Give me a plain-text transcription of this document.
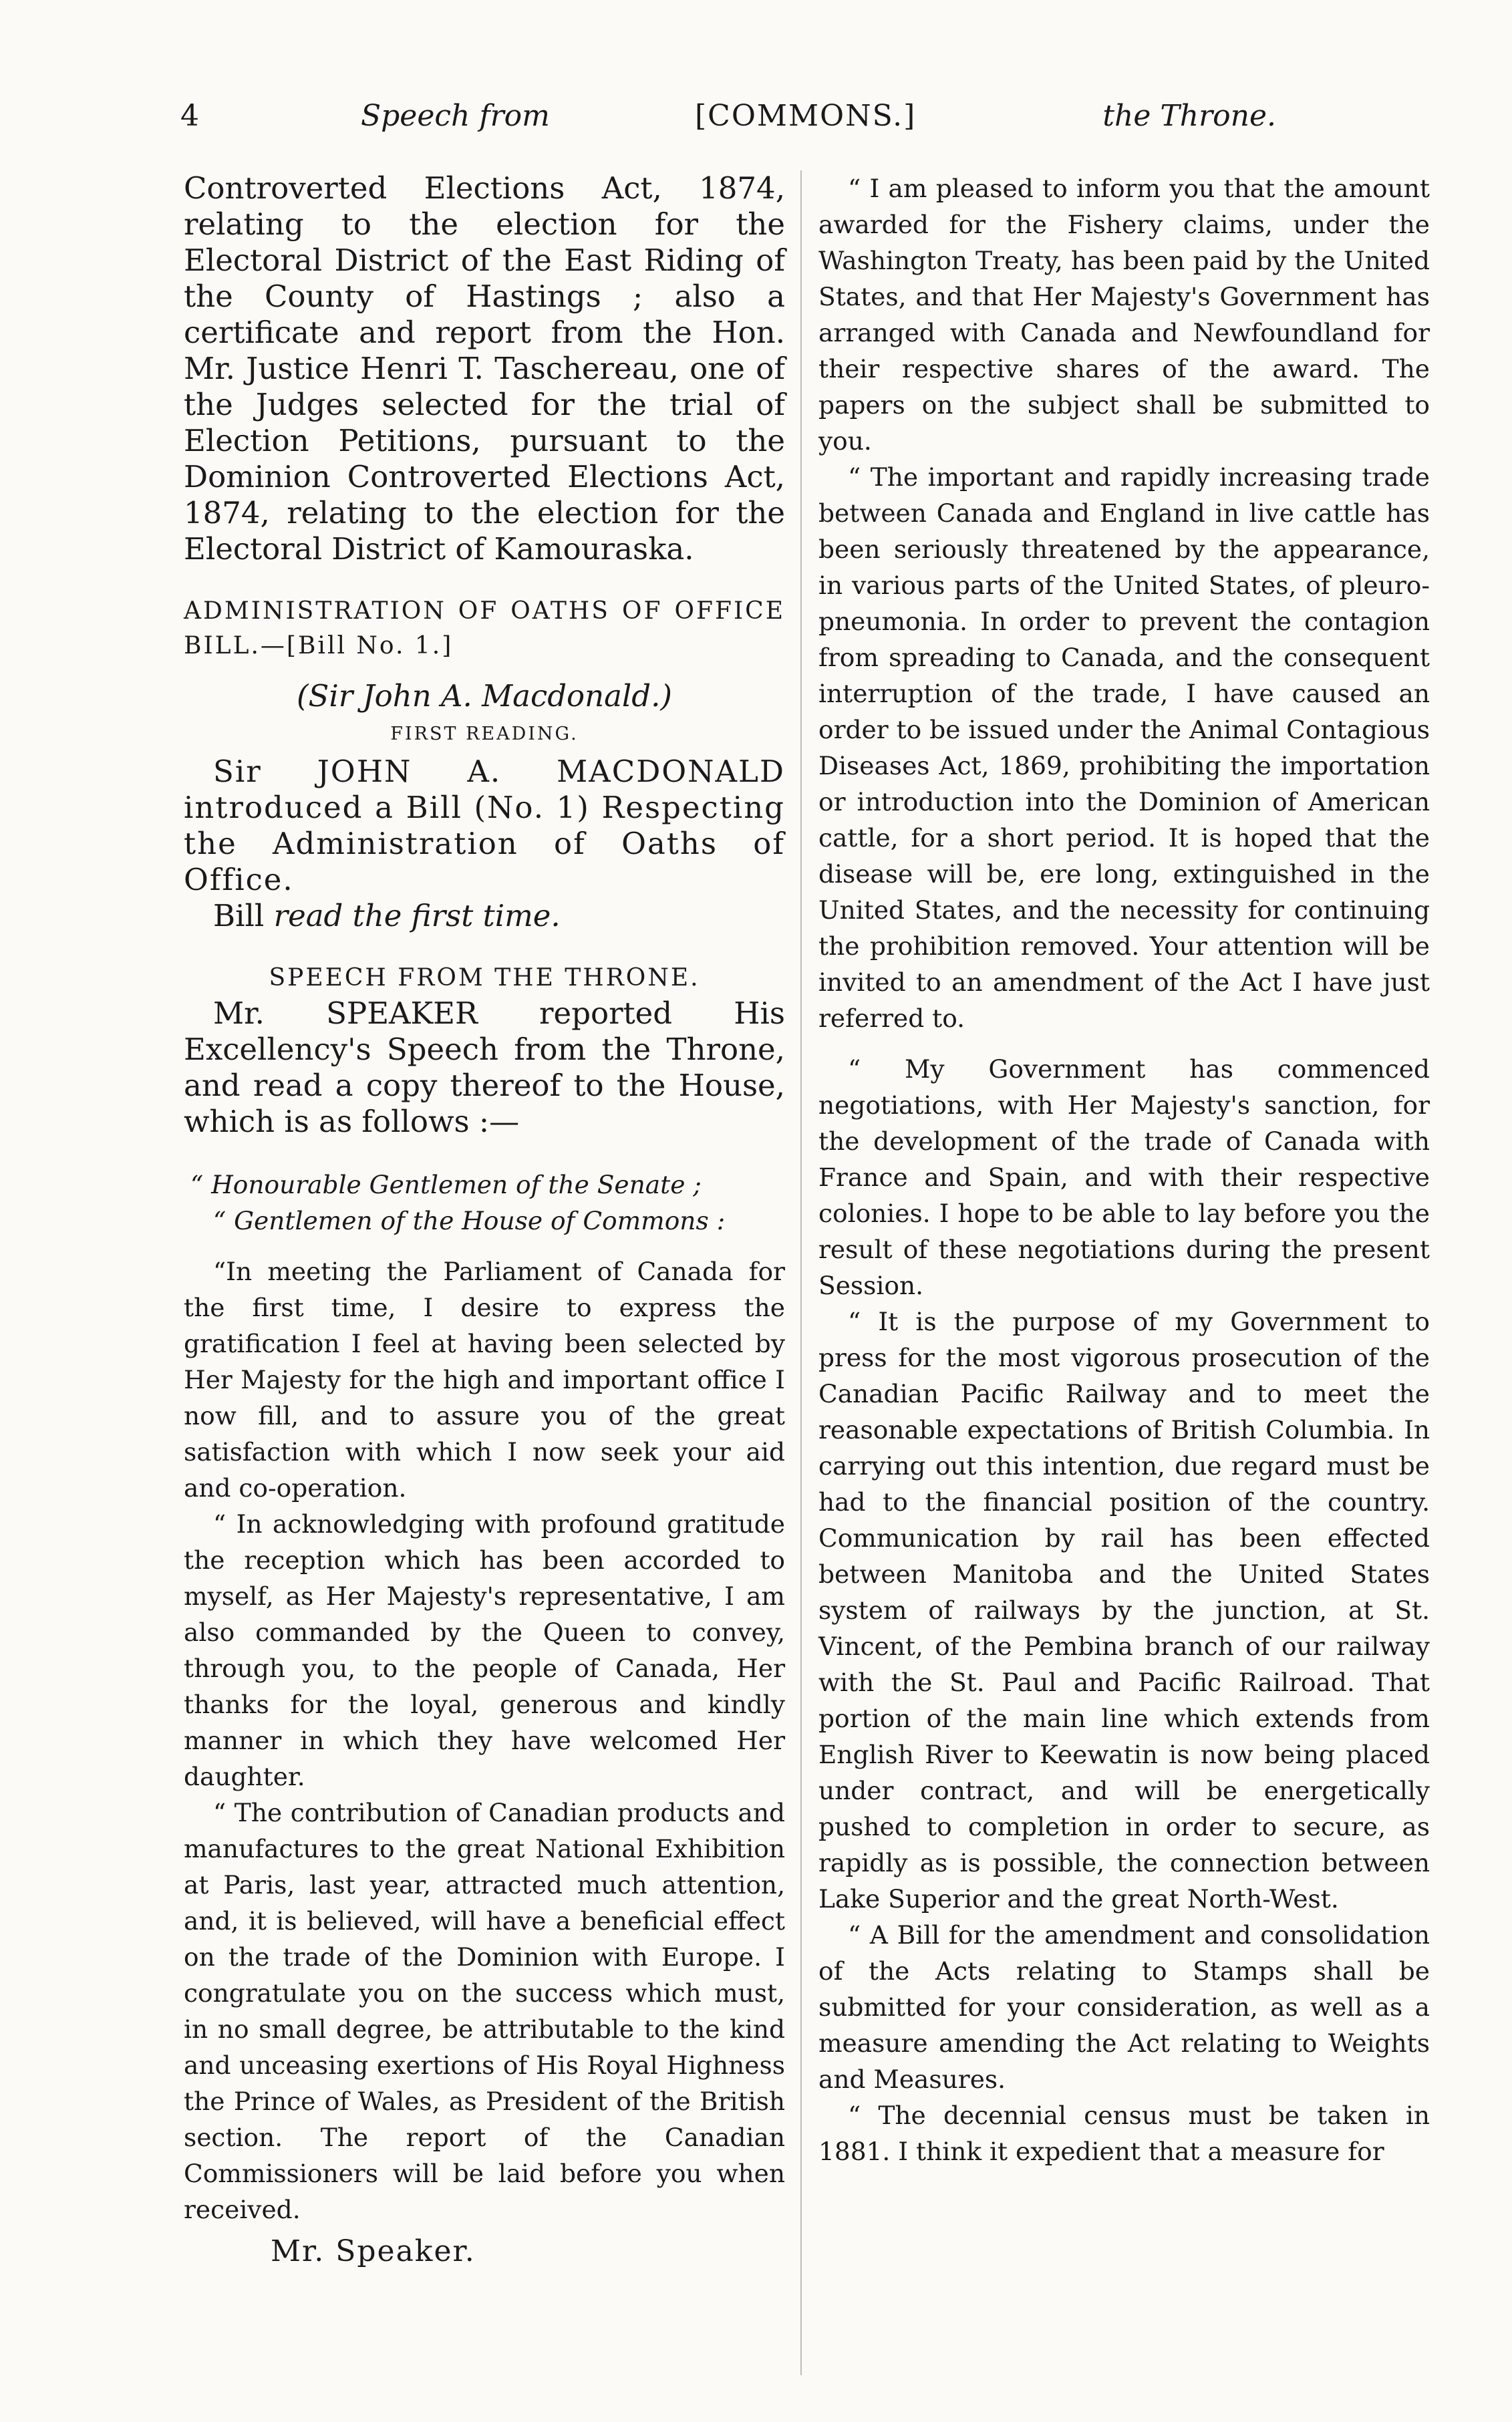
4	Speech from	[COMMONS.]	the Throne.

Controverted Elections Act, 1874, relating to the election for the Electoral District of the East Riding of the County of Hastings ; also a certificate and report from the Hon. Mr. Justice Henri T. Taschereau, one of the Judges selected for the trial of Election Petitions, pursuant to the Dominion Controverted Elections Act, 1874, relating to the election for the Electoral District of Kamouraska.

ADMINISTRATION OF OATHS OF OFFICE BILL.—[Bill No. 1.]

(Sir John A. Macdonald.)

FIRST READING.

Sir JOHN A. MACDONALD introduced a Bill (No. 1) Respecting the Administration of Oaths of Office.

Bill read the first time.

SPEECH FROM THE THRONE.

Mr. SPEAKER reported His Excellency's Speech from the Throne, and read a copy thereof to the House, which is as follows :—

“ Honourable Gentlemen of the Senate ;

“ Gentlemen of the House of Commons :

“In meeting the Parliament of Canada for the first time, I desire to express the gratification I feel at having been selected by Her Majesty for the high and important office I now fill, and to assure you of the great satisfaction with which I now seek your aid and co-operation.

“ In acknowledging with profound gratitude the reception which has been accorded to myself, as Her Majesty's representative, I am also commanded by the Queen to convey, through you, to the people of Canada, Her thanks for the loyal, generous and kindly manner in which they have welcomed Her daughter.

“ The contribution of Canadian products and manufactures to the great National Exhibition at Paris, last year, attracted much attention, and, it is believed, will have a beneficial effect on the trade of the Dominion with Europe. I congratulate you on the success which must, in no small degree, be attributable to the kind and unceasing exertions of His Royal Highness the Prince of Wales, as President of the British section. The report of the Canadian Commissioners will be laid before you when received.

Mr. Speaker.

“ I am pleased to inform you that the amount awarded for the Fishery claims, under the Washington Treaty, has been paid by the United States, and that Her Majesty's Government has arranged with Canada and Newfoundland for their respective shares of the award. The papers on the subject shall be submitted to you.

“ The important and rapidly increasing trade between Canada and England in live cattle has been seriously threatened by the appearance, in various parts of the United States, of pleuro-pneumonia. In order to prevent the contagion from spreading to Canada, and the consequent interruption of the trade, I have caused an order to be issued under the Animal Contagious Diseases Act, 1869, prohibiting the importation or introduction into the Dominion of American cattle, for a short period. It is hoped that the disease will be, ere long, extinguished in the United States, and the necessity for continuing the prohibition removed. Your attention will be invited to an amendment of the Act I have just referred to.

“ My Government has commenced negotiations, with Her Majesty's sanction, for the development of the trade of Canada with France and Spain, and with their respective colonies. I hope to be able to lay before you the result of these negotiations during the present Session.

“ It is the purpose of my Government to press for the most vigorous prosecution of the Canadian Pacific Railway and to meet the reasonable expectations of British Columbia. In carrying out this intention, due regard must be had to the financial position of the country. Communication by rail has been effected between Manitoba and the United States system of railways by the junction, at St. Vincent, of the Pembina branch of our railway with the St. Paul and Pacific Railroad. That portion of the main line which extends from English River to Keewatin is now being placed under contract, and will be energetically pushed to completion in order to secure, as rapidly as is possible, the connection between Lake Superior and the great North-West.

“ A Bill for the amendment and consolidation of the Acts relating to Stamps shall be submitted for your consideration, as well as a measure amending the Act relating to Weights and Measures.

“ The decennial census must be taken in 1881. I think it expedient that a measure for
